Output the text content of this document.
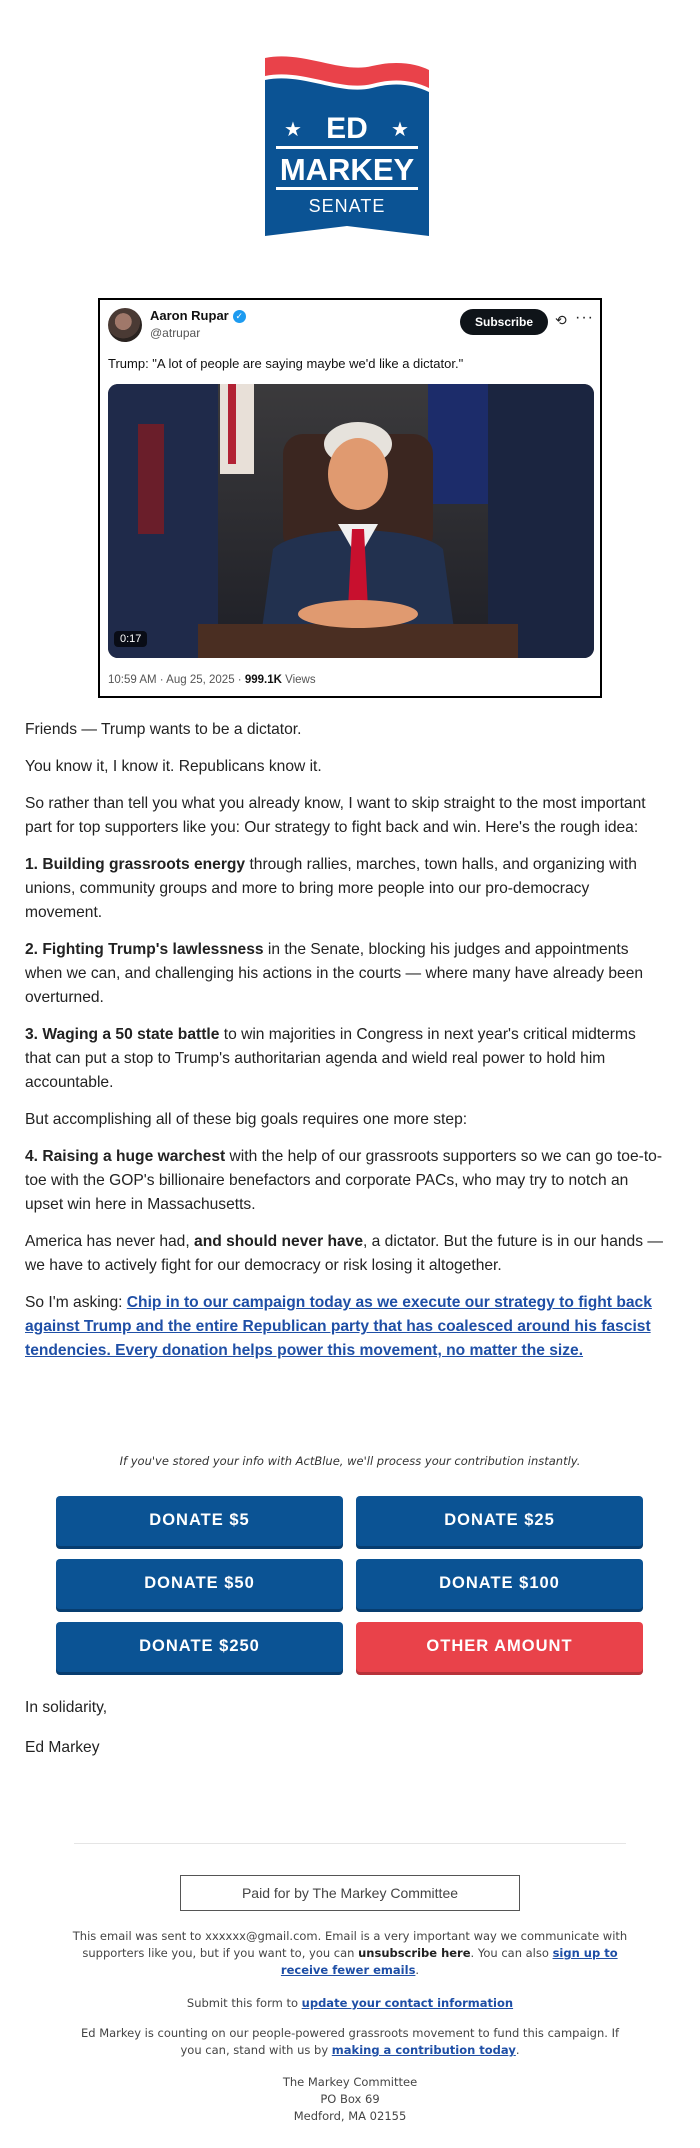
★	★
ED
MARKEY
SENATE
Aaron Rupar ✓
@atrupar
Subscribe	⟲ ···
Trump: "A lot of people are saying maybe we'd like a dictator."
0:17
10:59 AM · Aug 25, 2025 · 999.1K Views

Friends — Trump wants to be a dictator.

You know it, I know it. Republicans know it.

So rather than tell you what you already know, I want to skip straight to the most important part for top supporters like you: Our strategy to fight back and win. Here's the rough idea:

1. Building grassroots energy through rallies, marches, town halls, and organizing with unions, community groups and more to bring more people into our pro-democracy movement.

2. Fighting Trump's lawlessness in the Senate, blocking his judges and appointments when we can, and challenging his actions in the courts — where many have already been overturned.

3. Waging a 50 state battle to win majorities in Congress in next year's critical midterms that can put a stop to Trump's authoritarian agenda and wield real power to hold him accountable.

But accomplishing all of these big goals requires one more step:

4. Raising a huge warchest with the help of our grassroots supporters so we can go toe-to-toe with the GOP's billionaire benefactors and corporate PACs, who may try to notch an upset win here in Massachusetts.

America has never had, and should never have, a dictator. But the future is in our hands — we have to actively fight for our democracy or risk losing it altogether.

So I'm asking: Chip in to our campaign today as we execute our strategy to fight back against Trump and the entire Republican party that has coalesced around his fascist tendencies. Every donation helps power this movement, no matter the size.

If you've stored your info with ActBlue, we'll process your contribution instantly.
DONATE $5	DONATE $25
DONATE $50	DONATE $100
DONATE $250	OTHER AMOUNT
In solidarity,
Ed Markey
Paid for by The Markey Committee
This email was sent to xxxxxx@gmail.com. Email is a very important way we communicate with supporters like you, but if you want to, you can unsubscribe here. You can also sign up to receive fewer emails.
Submit this form to update your contact information
Ed Markey is counting on our people-powered grassroots movement to fund this campaign. If you can, stand with us by making a contribution today.
The Markey Committee
PO Box 69
Medford, MA 02155
